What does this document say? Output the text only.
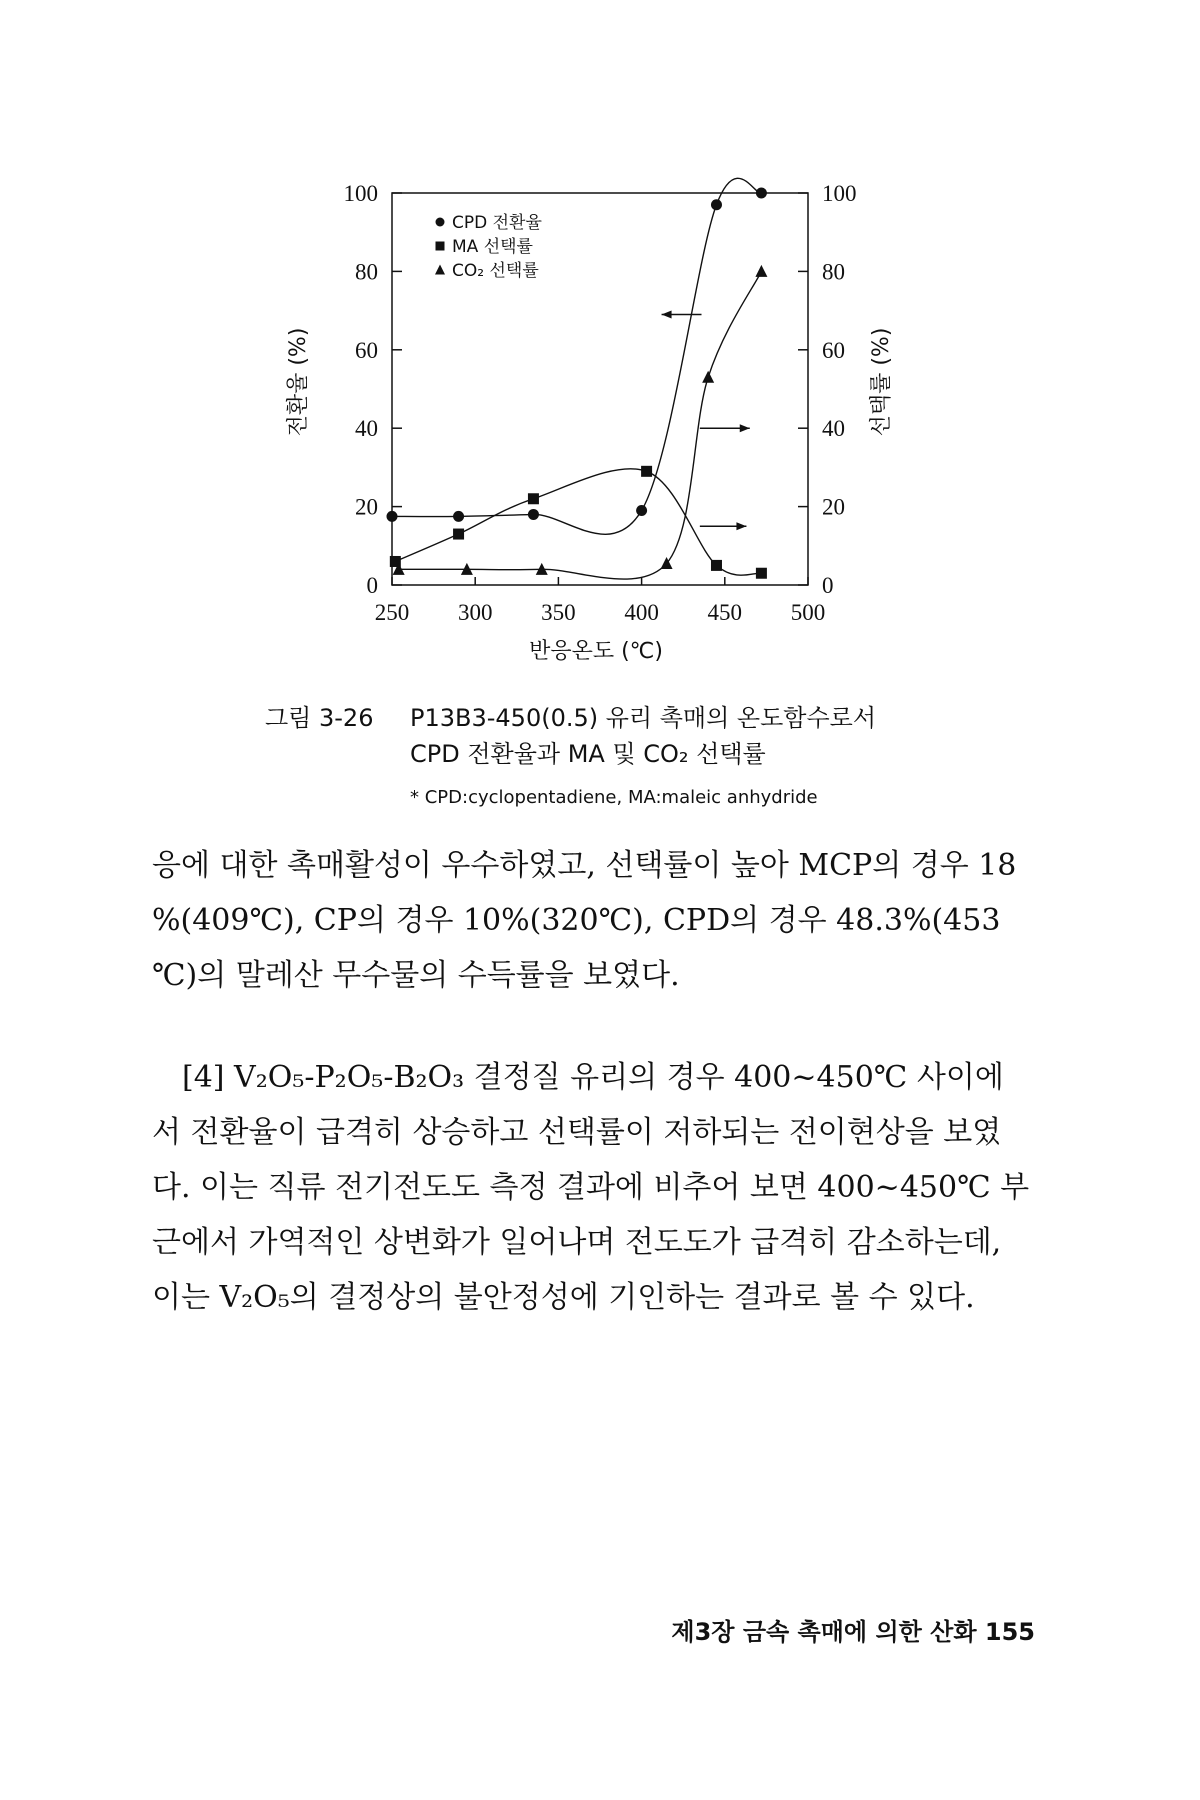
250 300 350 400 450 500
0	0
20	20
40	40
60	60
80	80
100	100
CPD 전환율
MA 선택률
CO₂ 선택률
반응온도 (℃)
전환율 (%)	선택률 (%)
그림 3-26 P13B3-450(0.5) 유리 촉매의 온도함수로서
CPD 전환율과 MA 및 CO₂ 선택률
* CPD:cyclopentadiene, MA:maleic anhydride
응에 대한 촉매활성이 우수하였고, 선택률이 높아 MCP의 경우 18
%(409℃), CP의 경우 10%(320℃), CPD의 경우 48.3%(453
℃)의 말레산 무수물의 수득률을 보였다.
[4] V₂O₅-P₂O₅-B₂O₃ 결정질 유리의 경우 400~450℃ 사이에
서 전환율이 급격히 상승하고 선택률이 저하되는 전이현상을 보였
다. 이는 직류 전기전도도 측정 결과에 비추어 보면 400~450℃ 부
근에서 가역적인 상변화가 일어나며 전도도가 급격히 감소하는데,
이는 V₂O₅의 결정상의 불안정성에 기인하는 결과로 볼 수 있다.
제3장 금속 촉매에 의한 산화 155
